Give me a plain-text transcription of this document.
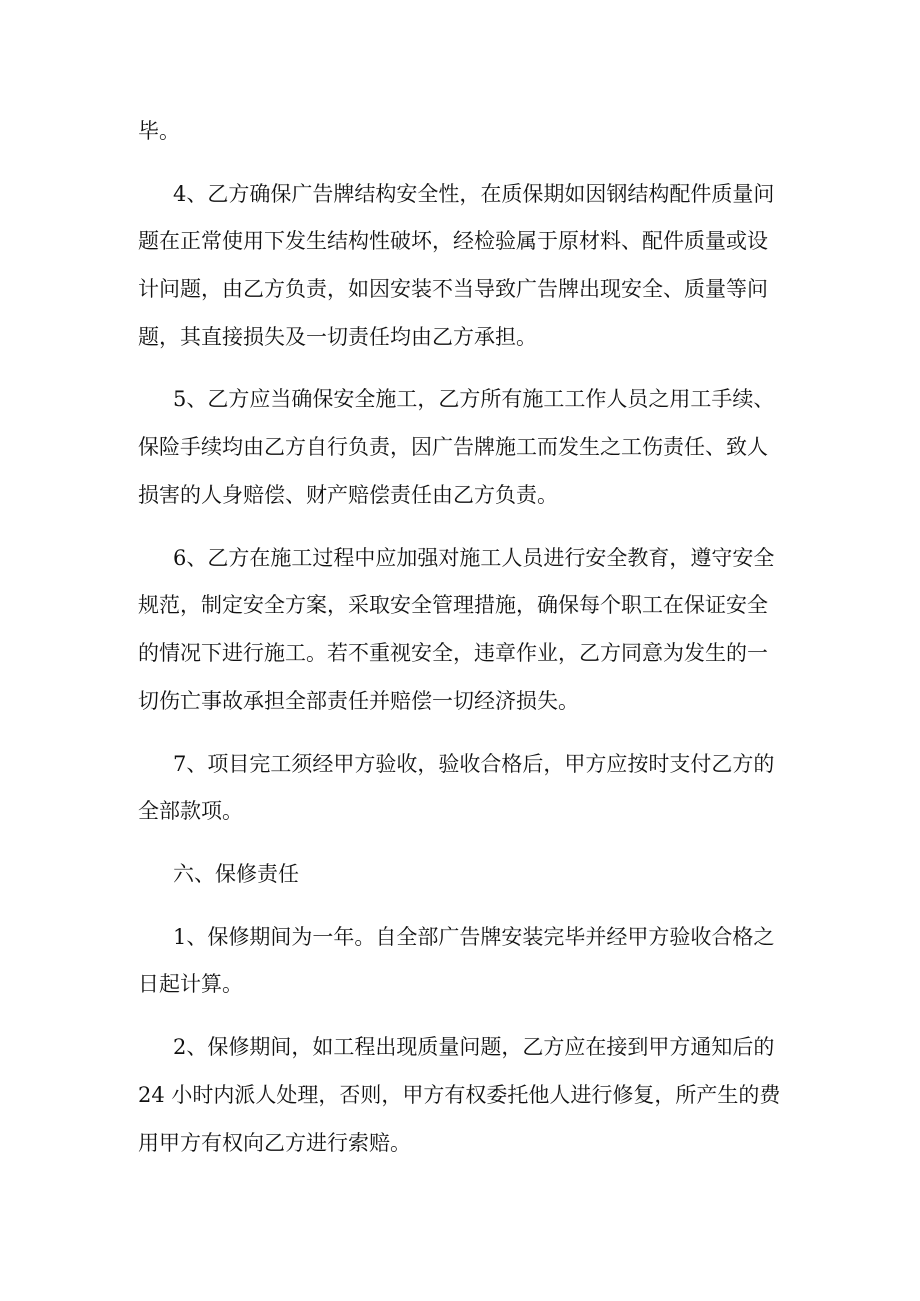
毕。
4、乙方确保广告牌结构安全性，在质保期如因钢结构配件质量问
题在正常使用下发生结构性破坏，经检验属于原材料、配件质量或设
计问题，由乙方负责，如因安装不当导致广告牌出现安全、质量等问
题，其直接损失及一切责任均由乙方承担。
5、乙方应当确保安全施工，乙方所有施工工作人员之用工手续、
保险手续均由乙方自行负责，因广告牌施工而发生之工伤责任、致人
损害的人身赔偿、财产赔偿责任由乙方负责。
6、乙方在施工过程中应加强对施工人员进行安全教育，遵守安全
规范，制定安全方案，采取安全管理措施，确保每个职工在保证安全
的情况下进行施工。若不重视安全，违章作业，乙方同意为发生的一
切伤亡事故承担全部责任并赔偿一切经济损失。
7、项目完工须经甲方验收，验收合格后，甲方应按时支付乙方的
全部款项。
六、保修责任
1、保修期间为一年。自全部广告牌安装完毕并经甲方验收合格之
日起计算。
2、保修期间，如工程出现质量问题，乙方应在接到甲方通知后的
24 小时内派人处理，否则，甲方有权委托他人进行修复，所产生的费
用甲方有权向乙方进行索赔。
